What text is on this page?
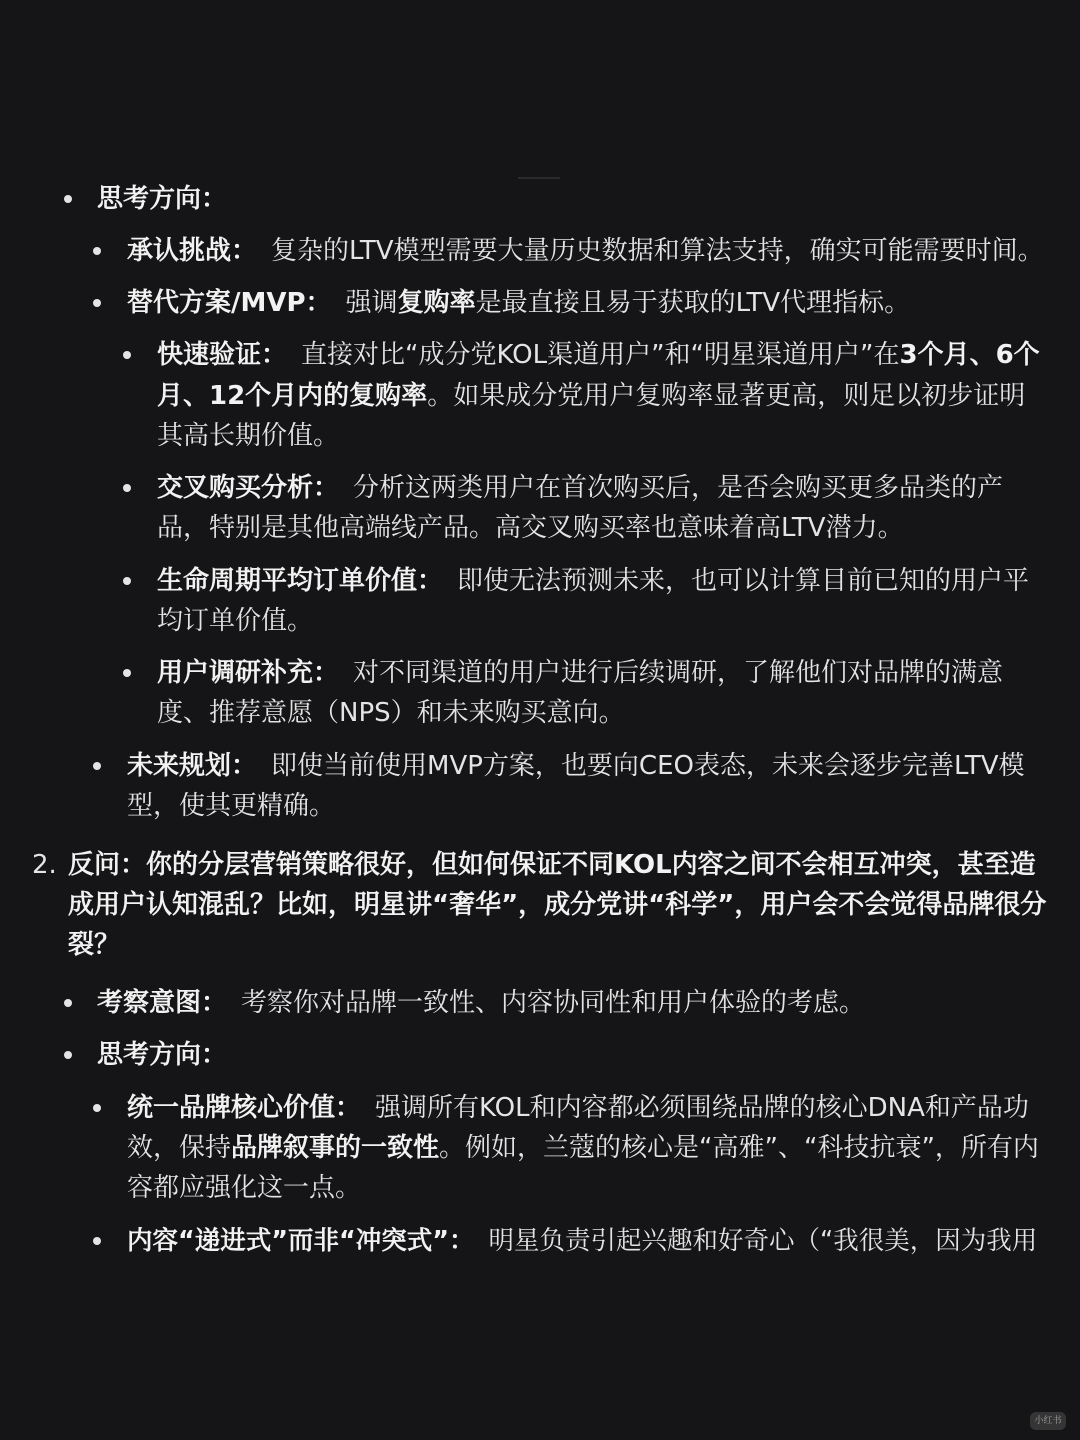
思考方向：
承认挑战： 复杂的LTV模型需要大量历史数据和算法支持，确实可能需要时间。
替代方案/MVP： 强调复购率是最直接且易于获取的LTV代理指标。
快速验证： 直接对比“成分党KOL渠道用户”和“明星渠道用户”在3个月、6个
月、12个月内的复购率。如果成分党用户复购率显著更高，则足以初步证明
其高长期价值。
交叉购买分析： 分析这两类用户在首次购买后，是否会购买更多品类的产
品，特别是其他高端线产品。高交叉购买率也意味着高LTV潜力。
生命周期平均订单价值： 即使无法预测未来，也可以计算目前已知的用户平
均订单价值。
用户调研补充： 对不同渠道的用户进行后续调研，了解他们对品牌的满意
度、推荐意愿（NPS）和未来购买意向。
未来规划： 即使当前使用MVP方案，也要向CEO表态，未来会逐步完善LTV模
型，使其更精确。
2. 反问：你的分层营销策略很好，但如何保证不同KOL内容之间不会相互冲突，甚至造
成用户认知混乱？比如，明星讲“奢华”，成分党讲“科学”，用户会不会觉得品牌很分
裂？
考察意图： 考察你对品牌一致性、内容协同性和用户体验的考虑。
思考方向：
统一品牌核心价值： 强调所有KOL和内容都必须围绕品牌的核心DNA和产品功
效，保持品牌叙事的一致性。例如，兰蔻的核心是“高雅”、“科技抗衰”，所有内
容都应强化这一点。
内容“递进式”而非“冲突式”： 明星负责引起兴趣和好奇心（“我很美，因为我用
小红书
